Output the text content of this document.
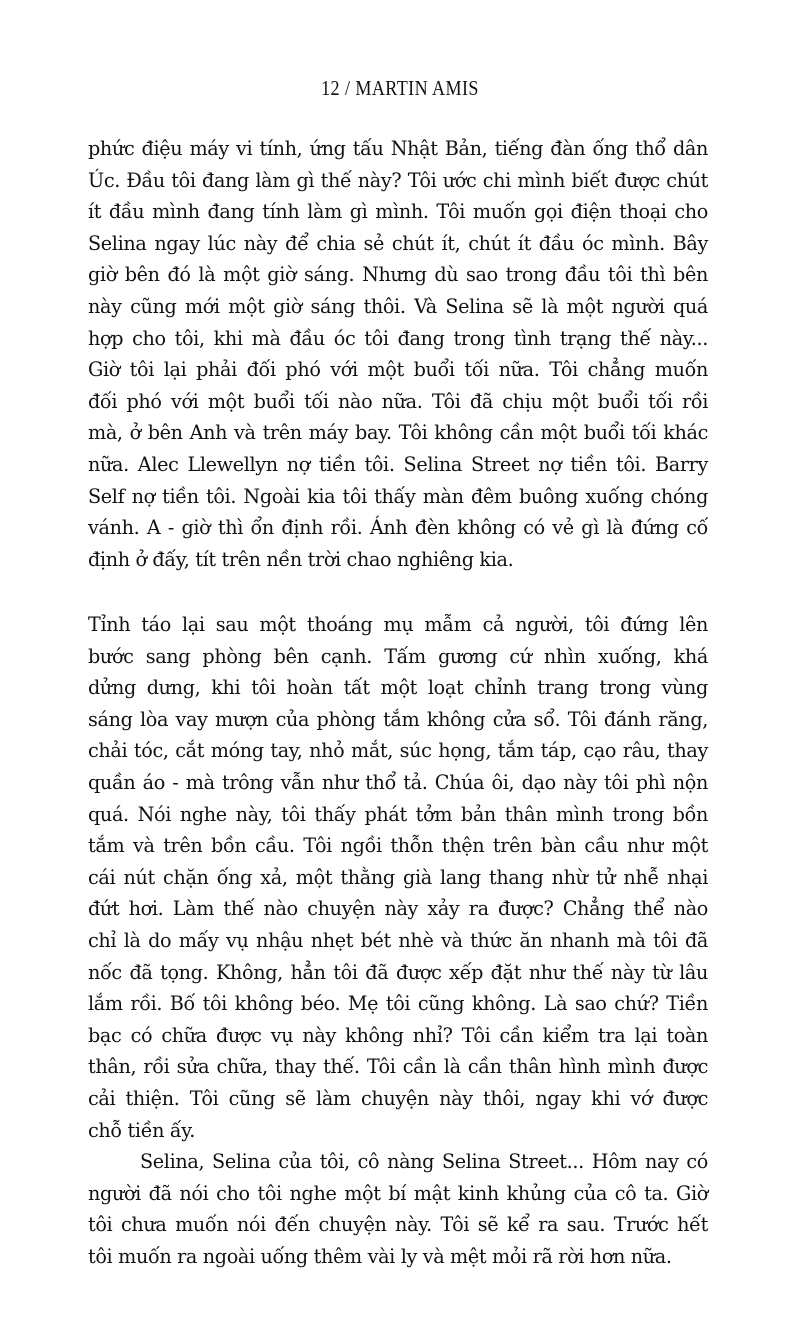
12 / MARTIN AMIS
phức điệu máy vi tính, ứng tấu Nhật Bản, tiếng đàn ống thổ dân
Úc. Đầu tôi đang làm gì thế này? Tôi ước chi mình biết được chút
ít đầu mình đang tính làm gì mình. Tôi muốn gọi điện thoại cho
Selina ngay lúc này để chia sẻ chút ít, chút ít đầu óc mình. Bây
giờ bên đó là một giờ sáng. Nhưng dù sao trong đầu tôi thì bên
này cũng mới một giờ sáng thôi. Và Selina sẽ là một người quá
hợp cho tôi, khi mà đầu óc tôi đang trong tình trạng thế này...
Giờ tôi lại phải đối phó với một buổi tối nữa. Tôi chẳng muốn
đối phó với một buổi tối nào nữa. Tôi đã chịu một buổi tối rồi
mà, ở bên Anh và trên máy bay. Tôi không cần một buổi tối khác
nữa. Alec Llewellyn nợ tiền tôi. Selina Street nợ tiền tôi. Barry
Self nợ tiền tôi. Ngoài kia tôi thấy màn đêm buông xuống chóng
vánh. A - giờ thì ổn định rồi. Ánh đèn không có vẻ gì là đứng cố
định ở đấy, tít trên nền trời chao nghiêng kia.
Tỉnh táo lại sau một thoáng mụ mẫm cả người, tôi đứng lên
bước sang phòng bên cạnh. Tấm gương cứ nhìn xuống, khá
dửng dưng, khi tôi hoàn tất một loạt chỉnh trang trong vùng
sáng lòa vay mượn của phòng tắm không cửa sổ. Tôi đánh răng,
chải tóc, cắt móng tay, nhỏ mắt, súc họng, tắm táp, cạo râu, thay
quần áo - mà trông vẫn như thổ tả. Chúa ôi, dạo này tôi phì nộn
quá. Nói nghe này, tôi thấy phát tởm bản thân mình trong bồn
tắm và trên bồn cầu. Tôi ngồi thỗn thện trên bàn cầu như một
cái nút chặn ống xả, một thằng già lang thang nhừ tử nhễ nhại
đứt hơi. Làm thế nào chuyện này xảy ra được? Chẳng thể nào
chỉ là do mấy vụ nhậu nhẹt bét nhè và thức ăn nhanh mà tôi đã
nốc đã tọng. Không, hẳn tôi đã được xếp đặt như thế này từ lâu
lắm rồi. Bố tôi không béo. Mẹ tôi cũng không. Là sao chứ? Tiền
bạc có chữa được vụ này không nhỉ? Tôi cần kiểm tra lại toàn
thân, rồi sửa chữa, thay thế. Tôi cần là cần thân hình mình được
cải thiện. Tôi cũng sẽ làm chuyện này thôi, ngay khi vớ được
chỗ tiền ấy.
Selina, Selina của tôi, cô nàng Selina Street... Hôm nay có
người đã nói cho tôi nghe một bí mật kinh khủng của cô ta. Giờ
tôi chưa muốn nói đến chuyện này. Tôi sẽ kể ra sau. Trước hết
tôi muốn ra ngoài uống thêm vài ly và mệt mỏi rã rời hơn nữa.
